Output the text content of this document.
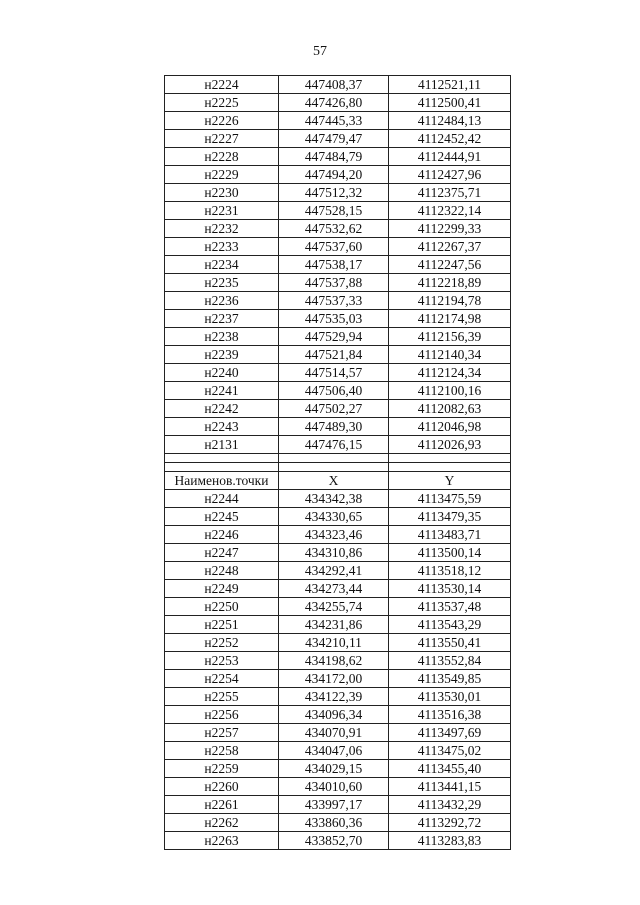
57
н2224	447408,37	4112521,11
н2225	447426,80	4112500,41
н2226	447445,33	4112484,13
н2227	447479,47	4112452,42
н2228	447484,79	4112444,91
н2229	447494,20	4112427,96
н2230	447512,32	4112375,71
н2231	447528,15	4112322,14
н2232	447532,62	4112299,33
н2233	447537,60	4112267,37
н2234	447538,17	4112247,56
н2235	447537,88	4112218,89
н2236	447537,33	4112194,78
н2237	447535,03	4112174,98
н2238	447529,94	4112156,39
н2239	447521,84	4112140,34
н2240	447514,57	4112124,34
н2241	447506,40	4112100,16
н2242	447502,27	4112082,63
н2243	447489,30	4112046,98
н2131	447476,15	4112026,93

Наименов.точки	X	Y
н2244	434342,38	4113475,59
н2245	434330,65	4113479,35
н2246	434323,46	4113483,71
н2247	434310,86	4113500,14
н2248	434292,41	4113518,12
н2249	434273,44	4113530,14
н2250	434255,74	4113537,48
н2251	434231,86	4113543,29
н2252	434210,11	4113550,41
н2253	434198,62	4113552,84
н2254	434172,00	4113549,85
н2255	434122,39	4113530,01
н2256	434096,34	4113516,38
н2257	434070,91	4113497,69
н2258	434047,06	4113475,02
н2259	434029,15	4113455,40
н2260	434010,60	4113441,15
н2261	433997,17	4113432,29
н2262	433860,36	4113292,72
н2263	433852,70	4113283,83
